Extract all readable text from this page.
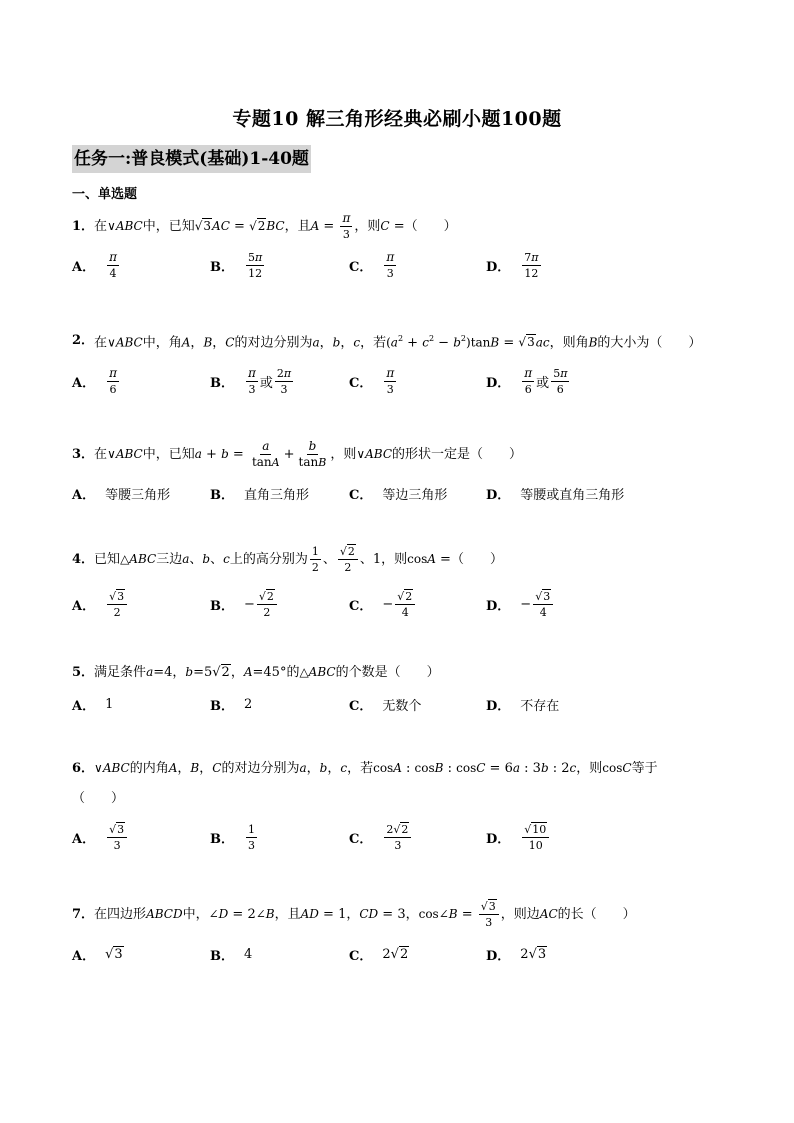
专题10 解三角形经典必刷小题100题
任务一:普良模式(基础)1-40题
一、单选题
1． 在∨ABC中，已知√3AC = √2BC，且$A = \frac{\pi}{3}$ ，则C =（　　）
A． $\frac{\pi}{4}$	B． $\frac{5\pi}{12}$	C． $\frac{\pi}{3}$	D． $\frac{7\pi}{12}$
2． 在∨ABC中，角A，B，C的对边分别为a，b，c，若$(a^2 + c^2 - b^2)\tan B = √3ac$，则角B的大小为（　　）
A． $\frac{\pi}{6}$	B． $\frac{\pi}{3}$ 或 $\frac{2\pi}{3}$	C． $\frac{\pi}{3}$	D． $\frac{\pi}{6}$ 或 $\frac{5\pi}{6}$
3． 在∨ABC中，已知$a + b = \frac{a}{\tan A} + \frac{b}{\tan B}$ ，则∨ABC的形状一定是（　　）
A． 等腰三角形	B． 直角三角形	C． 等边三角形	D． 等腰或直角三角形
4． 已知△ABC三边a、b、c上的高分别为 $\frac{1}{2}$ 、 $\frac{√2}{2}$ 、1，则cosA =（　　）
A． $\frac{√3}{2}$	B． − $\frac{√2}{2}$	C． − $\frac{√2}{4}$	D． − $\frac{√3}{4}$
5． 满足条件a=4，b=5√2，A=45°的△ABC的个数是（　　）
A． 1	B． 2	C． 无数个	D． 不存在
6． ∨ABC的内角A，B，C的对边分别为a，b，c，若cosA : cosB : cosC = 6a : 3b : 2c，则cosC等于
（　　）
A． $\frac{√3}{3}$	B． $\frac{1}{3}$	C． $\frac{2√2}{3}$	D． $\frac{√10}{10}$
7． 在四边形ABCD中，∠D = 2∠B，且AD = 1，CD = 3，cos∠B = $\frac{√3}{3}$ ，则边AC的长（　　）
A． √3	B． 4	C． 2 √2	D． 2 √3
